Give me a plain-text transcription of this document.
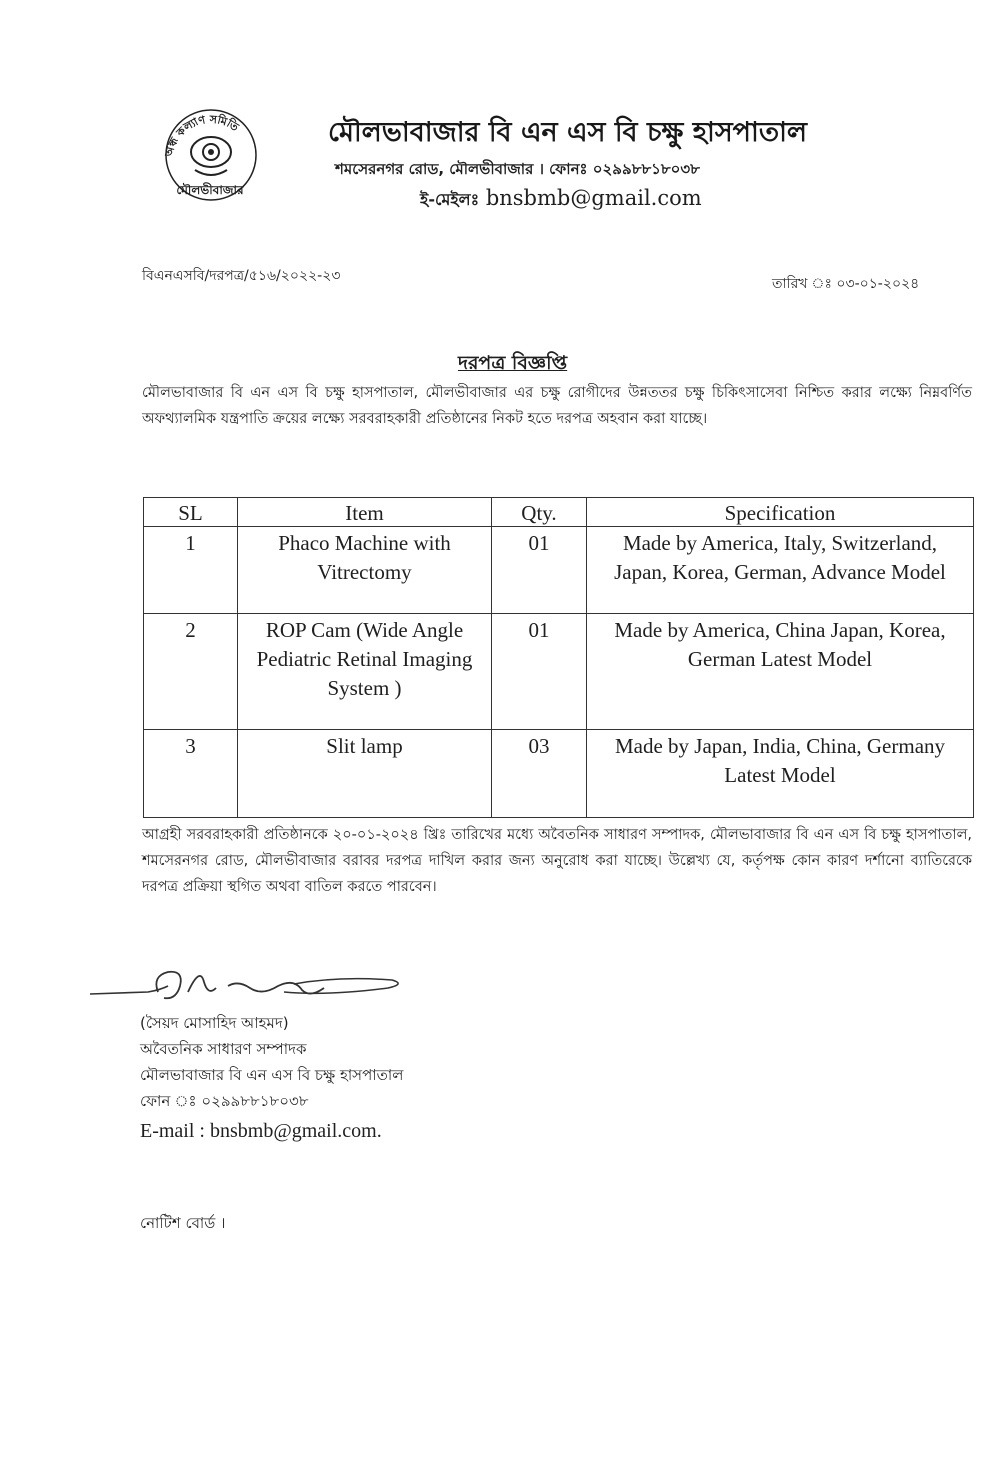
অন্ধ কল্যাণ সমিতি
মৌলভীবাজার
মৌলভাবাজার বি এন এস বি চক্ষু হাসপাতাল
শমসেরনগর রোড, মৌলভীবাজার । ফোনঃ ০২৯৯৮৮১৮০৩৮
ই-মেইলঃ bnsbmb@gmail.com
বিএনএসবি/দরপত্র/৫১৬/২০২২-২৩	তারিখ ঃ ০৩-০১-২০২৪
দরপত্র বিজ্ঞপ্তি
মৌলভাবাজার বি এন এস বি চক্ষু হাসপাতাল, মৌলভীবাজার এর চক্ষু রোগীদের উন্নততর চক্ষু চিকিৎসাসেবা নিশ্চিত করার লক্ষ্যে নিম্নবর্ণিত অফথ্যালমিক যন্ত্রপাতি ক্রয়ের লক্ষ্যে সরবরাহকারী প্রতিষ্ঠানের নিকট হতে দরপত্র অহবান করা যাচ্ছে।
SL	Item	Qty.	Specification
1	Phaco Machine with Vitrectomy	01	Made by America, Italy, Switzerland, Japan, Korea, German, Advance Model
2	ROP Cam (Wide Angle Pediatric Retinal Imaging System )	01	Made by America, China Japan, Korea, German Latest Model
3	Slit lamp	03	Made by Japan, India, China, Germany Latest Model
আগ্রহী সরবরাহকারী প্রতিষ্ঠানকে ২০-০১-২০২৪ খ্রিঃ তারিখের মধ্যে অবৈতনিক সাধারণ সম্পাদক, মৌলভাবাজার বি এন এস বি চক্ষু হাসপাতাল, শমসেরনগর রোড, মৌলভীবাজার বরাবর দরপত্র দাখিল করার জন্য অনুরোধ করা যাচ্ছে। উল্লেখ্য যে, কর্তৃপক্ষ কোন কারণ দর্শানো ব্যাতিরেকে দরপত্র প্রক্রিয়া স্থগিত অথবা বাতিল করতে পারবেন।
(সৈয়দ মোসাহিদ আহমদ)
অবৈতনিক সাধারণ সম্পাদক
মৌলভাবাজার বি এন এস বি চক্ষু হাসপাতাল
ফোন ঃ ০২৯৯৮৮১৮০৩৮
E-mail : bnsbmb@gmail.com.
নোটিশ বোর্ড ।
